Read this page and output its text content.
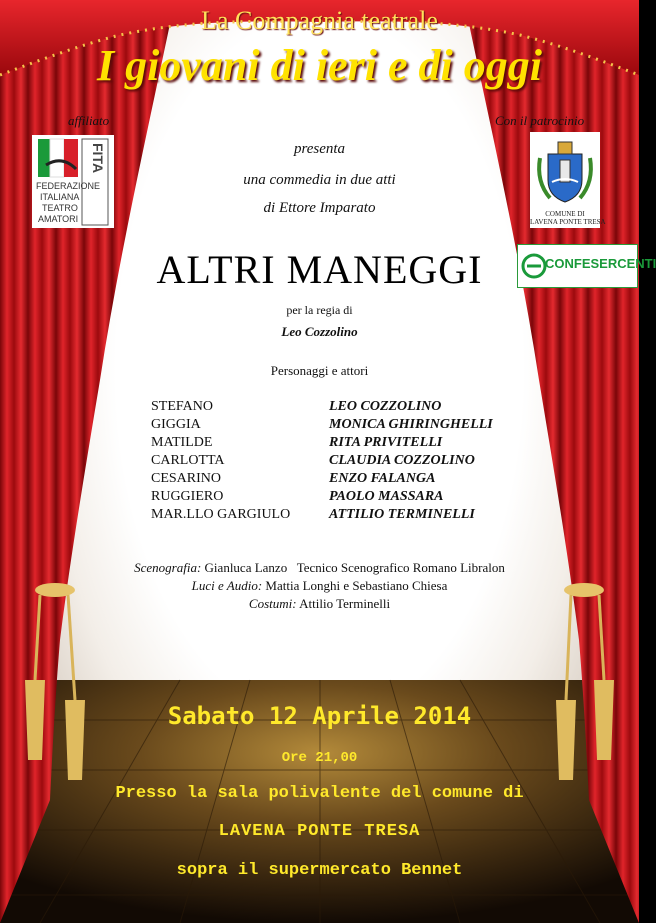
La Compagnia teatrale
I giovani di ieri e di oggi
affiliato	Con il patrocinio
FITA
FEDERAZIONE
ITALIANA
TEATRO
AMATORI	COMUNE DI
LAVENA PONTE TRESA
CONFESERCENTI
presenta
una commedia in due atti
di Ettore Imparato
ALTRI MANEGGI
per la regia di
Leo Cozzolino
Personaggi e attori
STEFANO	LEO COZZOLINO
GIGGIA	MONICA GHIRINGHELLI
MATILDE	RITA PRIVITELLI
CARLOTTA	CLAUDIA COZZOLINO
CESARINO	ENZO FALANGA
RUGGIERO	PAOLO MASSARA
MAR.LLO GARGIULO	ATTILIO TERMINELLI
Scenografia: Gianluca Lanzo Tecnico Scenografico Romano Libralon
Luci e Audio: Mattia Longhi e Sebastiano Chiesa
Costumi: Attilio Terminelli
Sabato 12 Aprile 2014
Ore 21,00
Presso la sala polivalente del comune di
LAVENA PONTE TRESA
sopra il supermercato Bennet
